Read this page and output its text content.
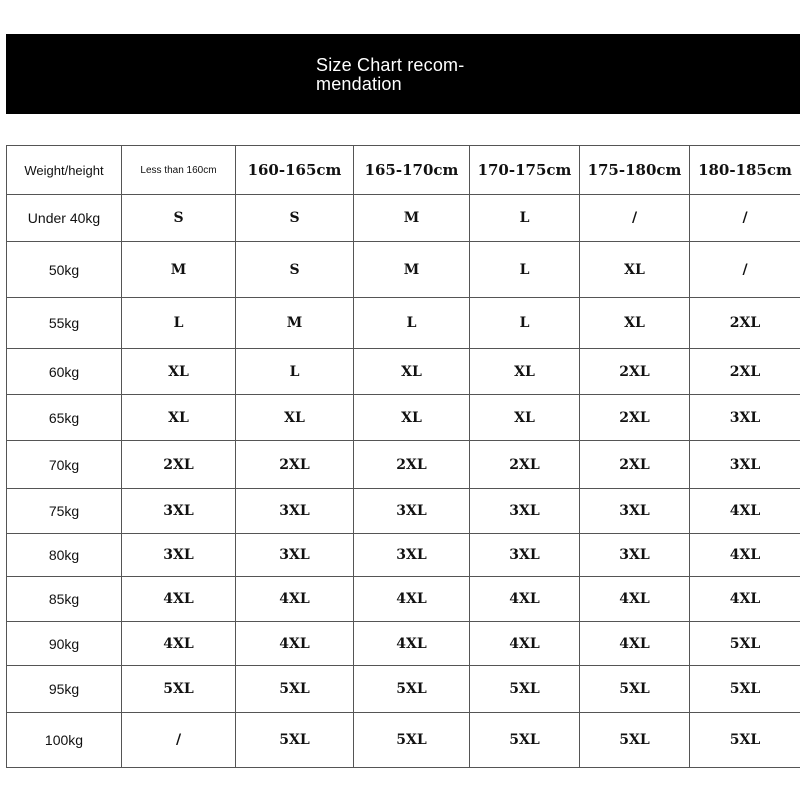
Size Chart recom-
mendation
Weight/height	Less than 160cm	160-165cm	165-170cm	170-175cm	175-180cm	180-185cm
Under 40kg	S	S	M	L	/	/
50kg	M	S	M	L	XL	/
55kg	L	M	L	L	XL	2XL
60kg	XL	L	XL	XL	2XL	2XL
65kg	XL	XL	XL	XL	2XL	3XL
70kg	2XL	2XL	2XL	2XL	2XL	3XL
75kg	3XL	3XL	3XL	3XL	3XL	4XL
80kg	3XL	3XL	3XL	3XL	3XL	4XL
85kg	4XL	4XL	4XL	4XL	4XL	4XL
90kg	4XL	4XL	4XL	4XL	4XL	5XL
95kg	5XL	5XL	5XL	5XL	5XL	5XL
100kg	/	5XL	5XL	5XL	5XL	5XL
